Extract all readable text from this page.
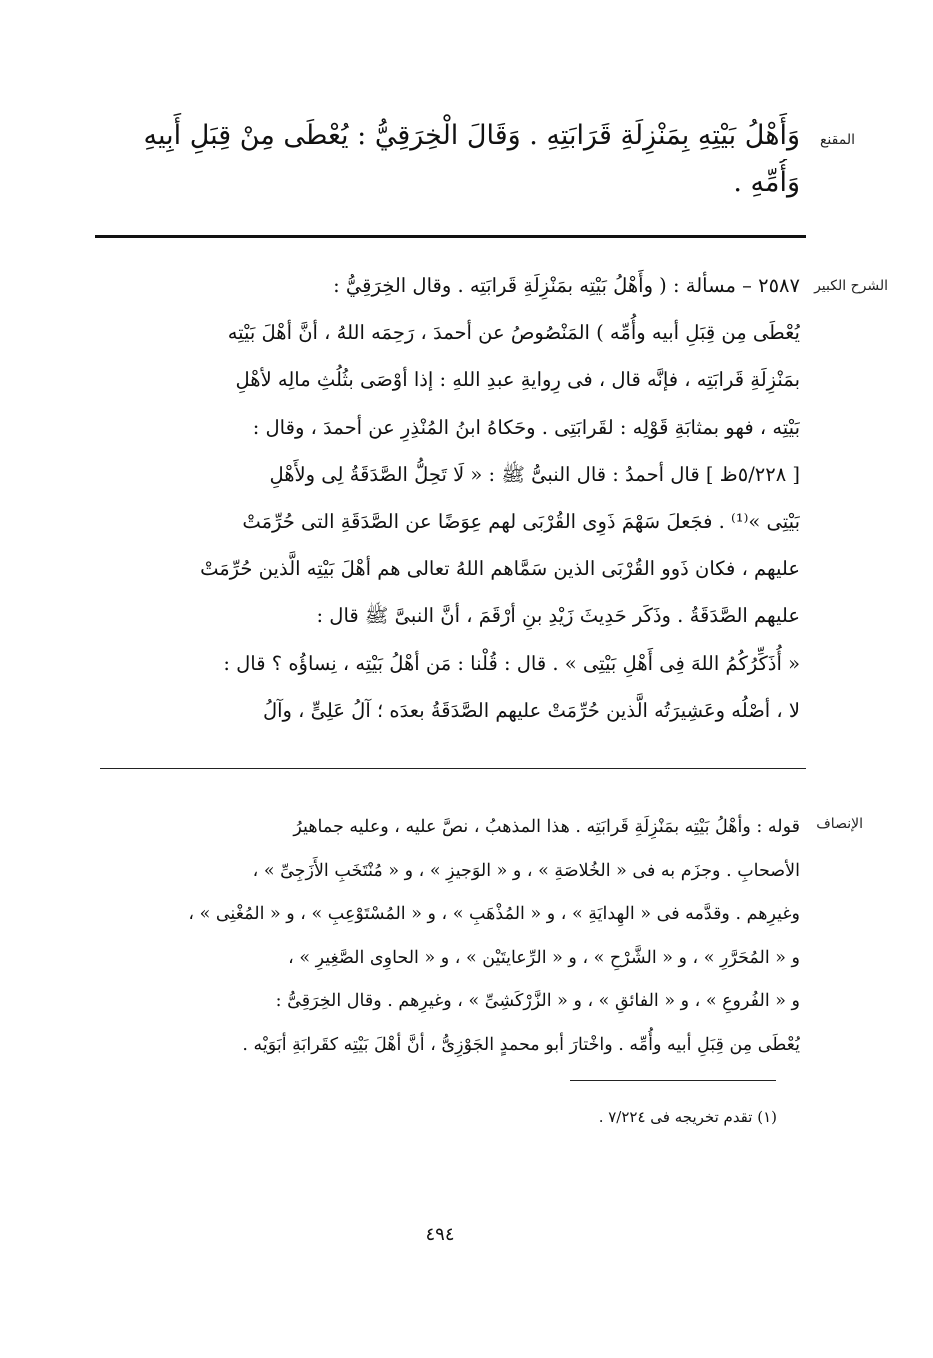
المقنع
وَأَهْلُ بَيْتِهِ بِمَنْزِلَةِ قَرَابَتِهِ . وَقَالَ الْخِرَقِيُّ : يُعْطَى مِنْ قِبَلِ أَبِيهِ
وَأُمِّهِ .
الشرح الكبير
٢٥٨٧ – مسألة : ( وأَهْلُ بَيْتِه بمَنْزِلَةِ قَرابَتِه . وقال الخِرَقِيُّ :
يُعْطَى مِن قِبَلِ أبيه وأُمِّه ) المَنْصُوصُ عن أحمدَ ، رَحِمَه اللهُ ، أنَّ أهْلَ بَيْتِه
بمَنْزِلَةِ قَرابَتِه ، فإنَّه قال ، فى رِوايةِ عبدِ اللهِ : إذا أوْصَى بثُلُثِ مالِه لأهْلِ
بَيْتِه ، فهو بمثابَةِ قَوْلِه : لقَرابَتِى . وحَكاهُ ابنُ المُنْذِرِ عن أحمدَ ، وقال :
[ ٥/٢٢٨ظ ] قال أحمدُ : قال النبىُّ ﷺ : « لَا تَحِلُّ الصَّدَقَةُ لِى ولأَهْلِ
بَيْتِى »⁽¹⁾ . فجَعلَ سَهْمَ ذَوِى القُرْبَى لهم عِوَضًا عن الصَّدَقَةِ التى حُرِّمَتْ
عليهم ، فكان ذَوو القُرْبَى الذين سَمَّاهم اللهُ تعالى هم أهْلَ بَيْتِه الَّذين حُرِّمَتْ
عليهم الصَّدَقَةُ . وذَكَر حَدِيثَ زَيْدِ بنِ أرْقَمَ ، أنَّ النبىَّ ﷺ قال :
« أُذَكِّرُكُمُ اللهَ فِى أَهْلِ بَيْتِى » . قال : قُلْنا : مَن أهْلُ بَيْتِه ، نِساؤُه ؟ قال :
لا ، أصْلُه وعَشِيرَتُه الَّذين حُرِّمَتْ عليهم الصَّدَقَةُ بعدَه ؛ آلُ عَلِىٍّ ، وآلُ
الإنصاف
قوله : وأهْلُ بَيْتِه بمَنْزِلَةِ قَرابَتِه . هذا المذهبُ ، نصَّ عليه ، وعليه جماهيرُ
الأصحابِ . وجزَم به فى « الخُلاصَةِ » ، و « الوَجيزِ » ، و « مُنْتَخَبِ الأَزَجِىِّ » ،
وغيرِهم . وقدَّمه فى « الهِدايَةِ » ، و « المُذْهَبِ » ، و « المُسْتَوْعِبِ » ، و « المُغْنِى » ،
و « المُحَرَّرِ » ، و « الشَّرْحِ » ، و « الرِّعايتَيْن » ، و « الحاوِى الصَّغِيرِ » ،
و « الفُروعِ » ، و « الفائقِ » ، و « الزَّرْكَشِىِّ » ، وغيرِهم . وقال الخِرَقِىُّ :
يُعْطَى مِن قِبَلِ أبيه وأُمِّه . واخْتارَ أبو محمدٍ الجَوْزِىُّ ، أنَّ أهْلَ بَيْتِه كقَرابَةِ أبَوَيْه .
(١) تقدم تخريجه فى ٧/٢٢٤ .
٤٩٤
